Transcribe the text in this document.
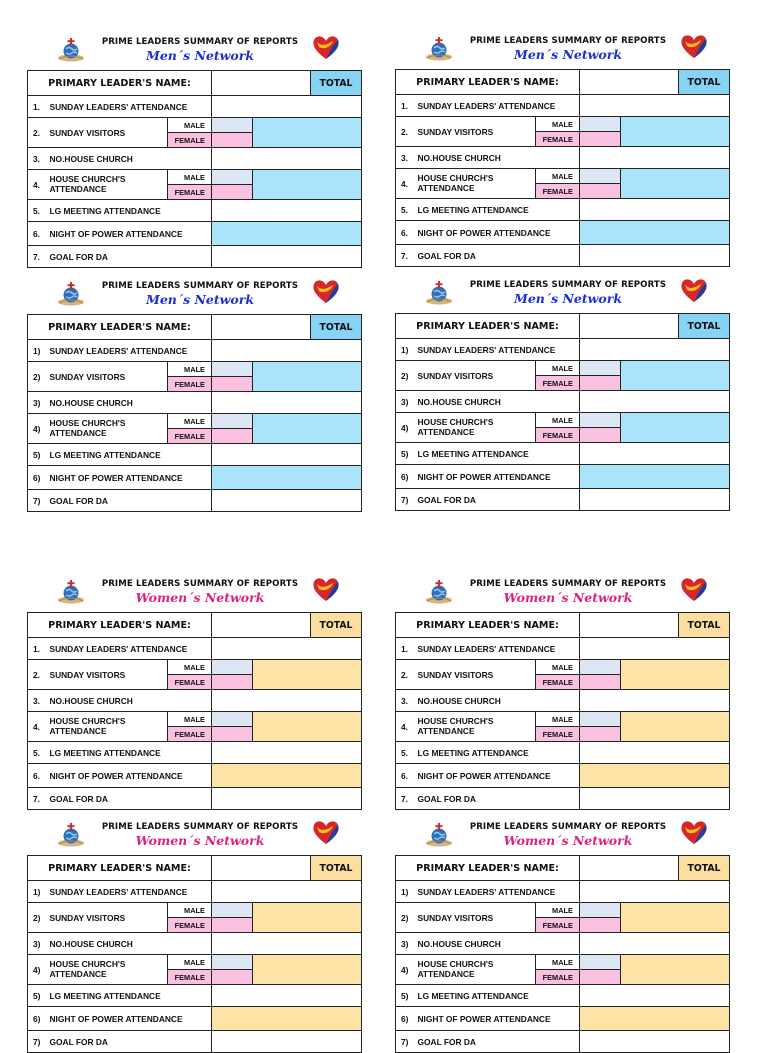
PRIME LEADERS SUMMARY OF REPORTS
Men´s Network
PRIMARY LEADER'S NAME:					TOTAL
1.	SUNDAY LEADERS' ATTENDANCE				
2.	SUNDAY VISITORS	MALE			
		FEMALE			
3.	NO.HOUSE CHURCH				
4.	HOUSE CHURCH'S ATTENDANCE	MALE			
		FEMALE			
5.	LG MEETING ATTENDANCE				
6.	NIGHT OF POWER ATTENDANCE				
7.	GOAL FOR DA				
PRIME LEADERS SUMMARY OF REPORTS
Men´s Network
PRIMARY LEADER'S NAME:					TOTAL
1.	SUNDAY LEADERS' ATTENDANCE				
2.	SUNDAY VISITORS	MALE			
		FEMALE			
3.	NO.HOUSE CHURCH				
4.	HOUSE CHURCH'S ATTENDANCE	MALE			
		FEMALE			
5.	LG MEETING ATTENDANCE				
6.	NIGHT OF POWER ATTENDANCE				
7.	GOAL FOR DA				
PRIME LEADERS SUMMARY OF REPORTS
Men´s Network
PRIMARY LEADER'S NAME:					TOTAL
1)	SUNDAY LEADERS' ATTENDANCE				
2)	SUNDAY VISITORS	MALE			
		FEMALE			
3)	NO.HOUSE CHURCH				
4)	HOUSE CHURCH'S ATTENDANCE	MALE			
		FEMALE			
5)	LG MEETING ATTENDANCE				
6)	NIGHT OF POWER ATTENDANCE				
7)	GOAL FOR DA				
PRIME LEADERS SUMMARY OF REPORTS
Men´s Network
PRIMARY LEADER'S NAME:					TOTAL
1)	SUNDAY LEADERS' ATTENDANCE				
2)	SUNDAY VISITORS	MALE			
		FEMALE			
3)	NO.HOUSE CHURCH				
4)	HOUSE CHURCH'S ATTENDANCE	MALE			
		FEMALE			
5)	LG MEETING ATTENDANCE				
6)	NIGHT OF POWER ATTENDANCE				
7)	GOAL FOR DA				
PRIME LEADERS SUMMARY OF REPORTS
Women´s Network
PRIMARY LEADER'S NAME:					TOTAL
1.	SUNDAY LEADERS' ATTENDANCE				
2.	SUNDAY VISITORS	MALE			
		FEMALE			
3.	NO.HOUSE CHURCH				
4.	HOUSE CHURCH'S ATTENDANCE	MALE			
		FEMALE			
5.	LG MEETING ATTENDANCE				
6.	NIGHT OF POWER ATTENDANCE				
7.	GOAL FOR DA				
PRIME LEADERS SUMMARY OF REPORTS
Women´s Network
PRIMARY LEADER'S NAME:					TOTAL
1.	SUNDAY LEADERS' ATTENDANCE				
2.	SUNDAY VISITORS	MALE			
		FEMALE			
3.	NO.HOUSE CHURCH				
4.	HOUSE CHURCH'S ATTENDANCE	MALE			
		FEMALE			
5.	LG MEETING ATTENDANCE				
6.	NIGHT OF POWER ATTENDANCE				
7.	GOAL FOR DA				
PRIME LEADERS SUMMARY OF REPORTS
Women´s Network
PRIMARY LEADER'S NAME:					TOTAL
1)	SUNDAY LEADERS' ATTENDANCE				
2)	SUNDAY VISITORS	MALE			
		FEMALE			
3)	NO.HOUSE CHURCH				
4)	HOUSE CHURCH'S ATTENDANCE	MALE			
		FEMALE			
5)	LG MEETING ATTENDANCE				
6)	NIGHT OF POWER ATTENDANCE				
7)	GOAL FOR DA				
PRIME LEADERS SUMMARY OF REPORTS
Women´s Network
PRIMARY LEADER'S NAME:					TOTAL
1)	SUNDAY LEADERS' ATTENDANCE				
2)	SUNDAY VISITORS	MALE			
		FEMALE			
3)	NO.HOUSE CHURCH				
4)	HOUSE CHURCH'S ATTENDANCE	MALE			
		FEMALE			
5)	LG MEETING ATTENDANCE				
6)	NIGHT OF POWER ATTENDANCE				
7)	GOAL FOR DA				
